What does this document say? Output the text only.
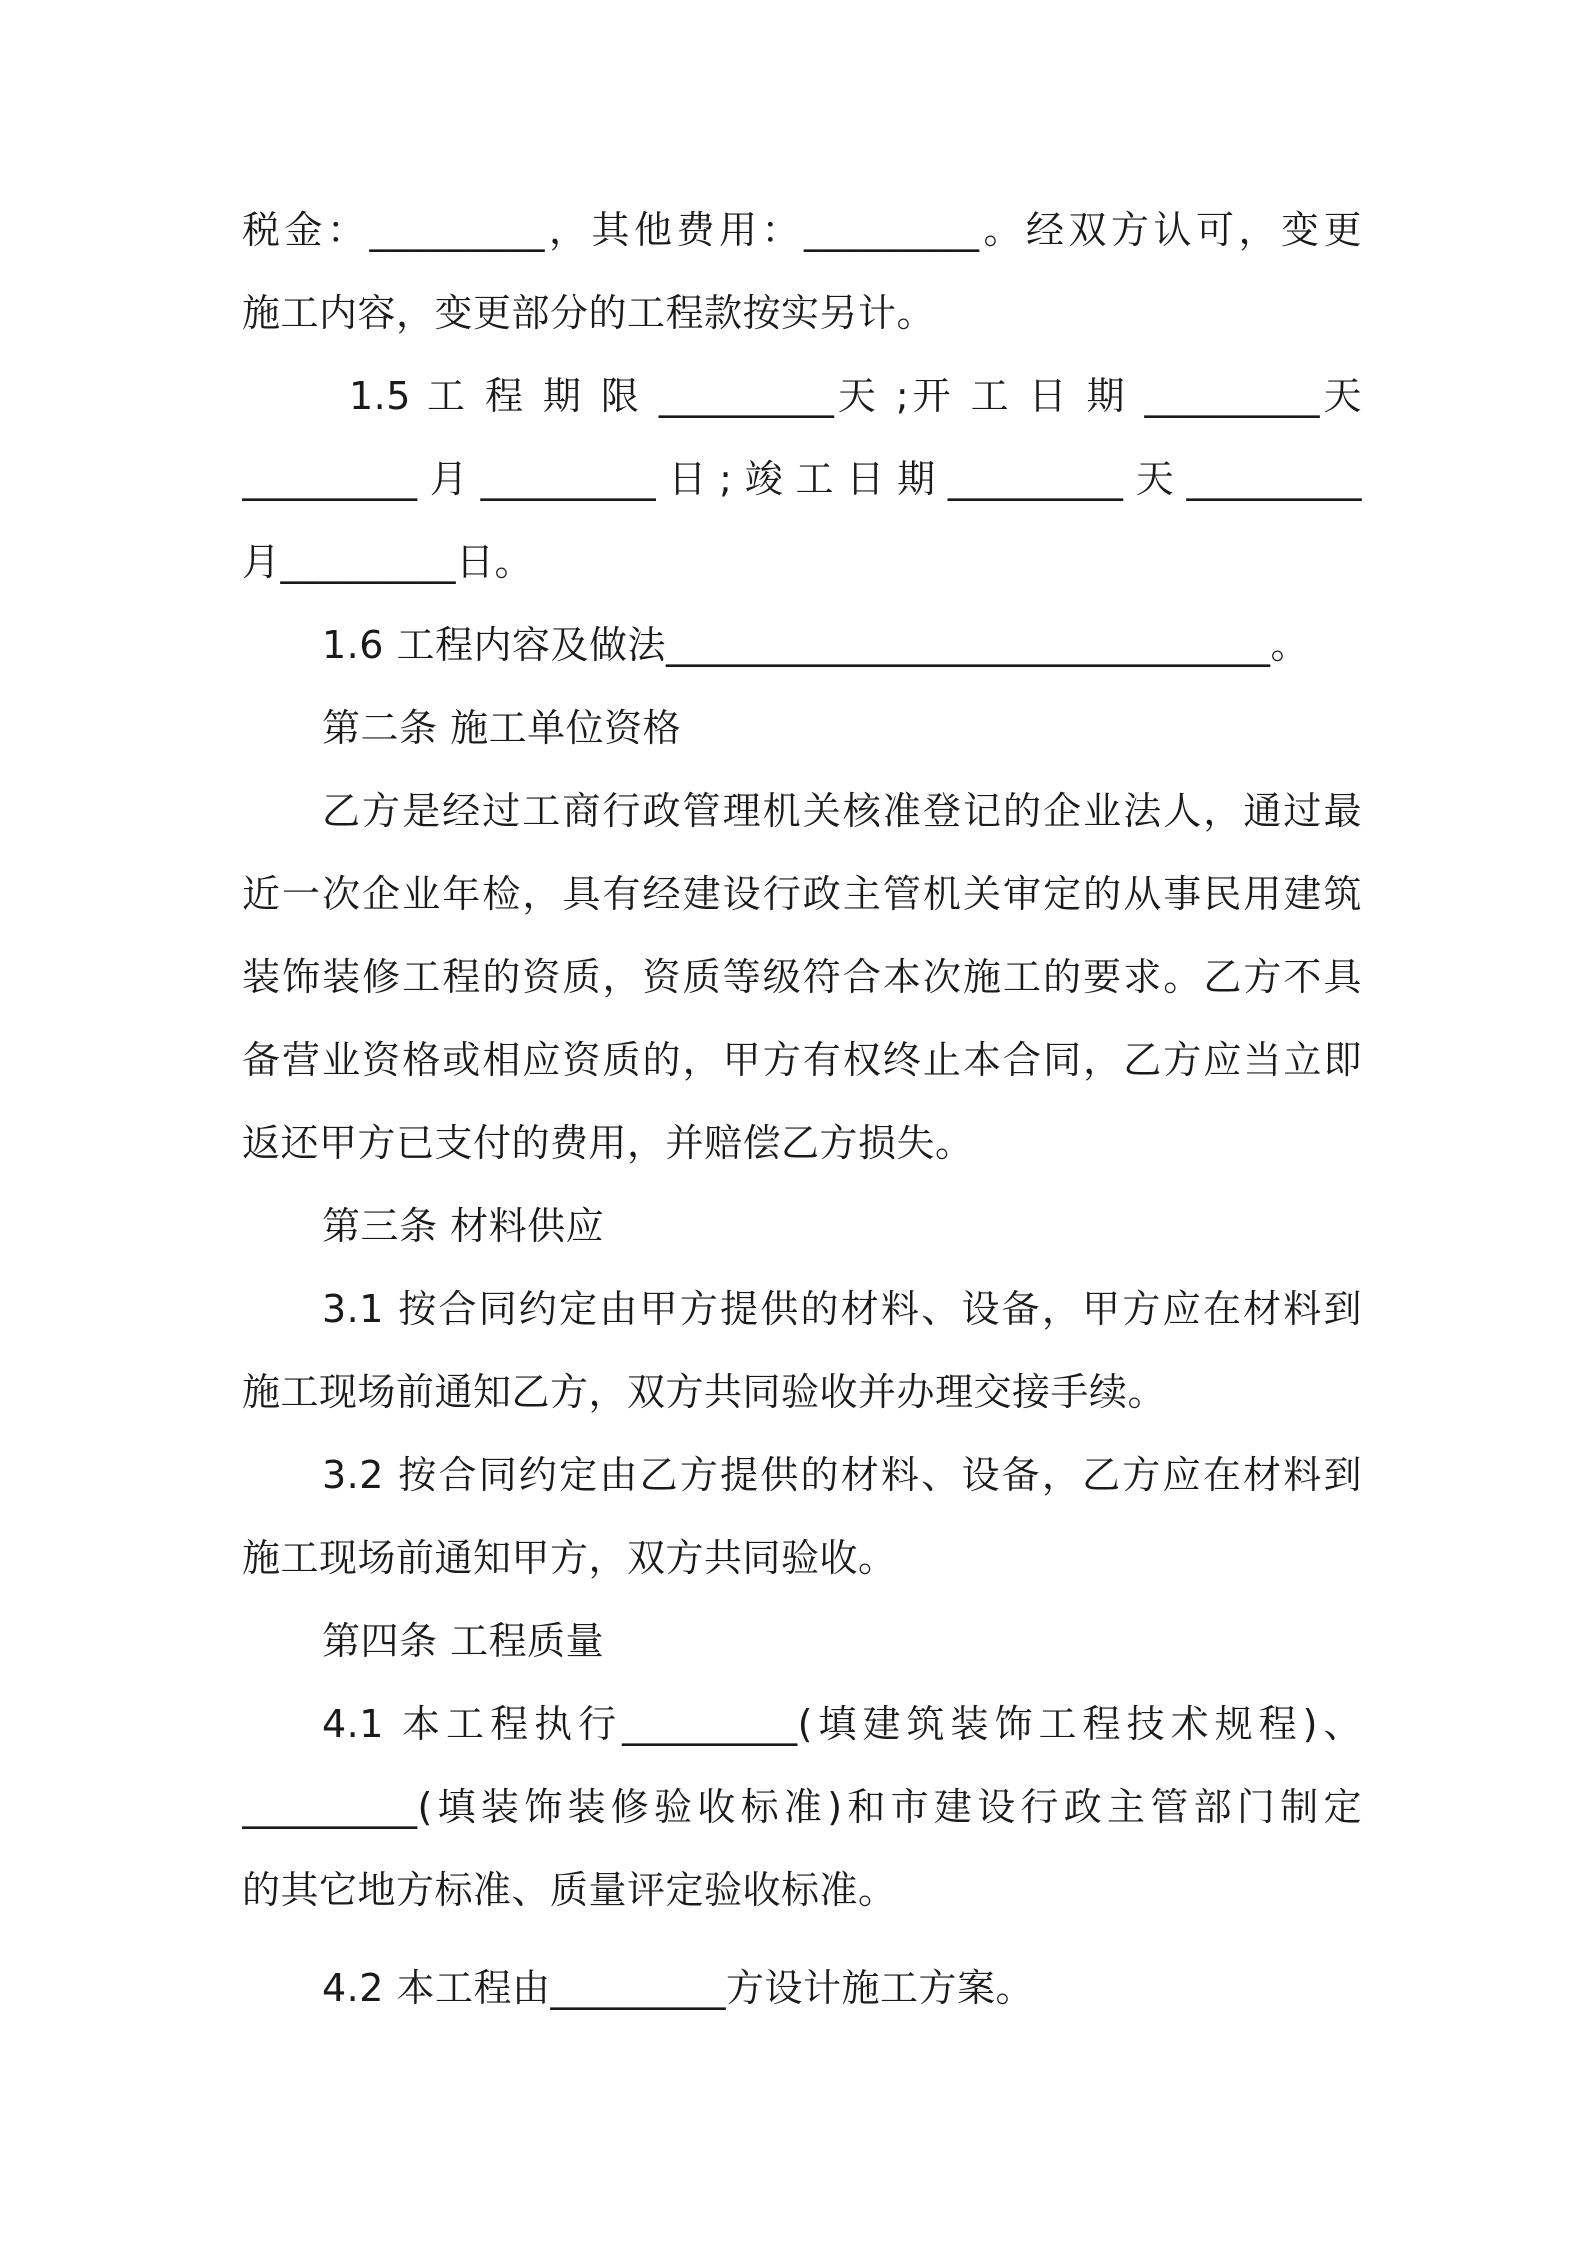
税金：_________，其他费用：_________。经双方认可，变更
施工内容，变更部分的工程款按实另计。
1.5 工 程 期 限 _________天 ;开 工 日 期 _________天
_________月_________日;竣工日期_________天_________
月_________日。
1.6 工程内容及做法_______________________________。
第二条 施工单位资格
乙方是经过工商行政管理机关核准登记的企业法人，通过最
近一次企业年检，具有经建设行政主管机关审定的从事民用建筑
装饰装修工程的资质，资质等级符合本次施工的要求。乙方不具
备营业资格或相应资质的，甲方有权终止本合同，乙方应当立即
返还甲方已支付的费用，并赔偿乙方损失。
第三条 材料供应
3.1 按合同约定由甲方提供的材料、设备，甲方应在材料到
施工现场前通知乙方，双方共同验收并办理交接手续。
3.2 按合同约定由乙方提供的材料、设备，乙方应在材料到
施工现场前通知甲方，双方共同验收。
第四条 工程质量
4.1 本工程执行_________(填建筑装饰工程技术规程)、
_________(填装饰装修验收标准)和市建设行政主管部门制定
的其它地方标准、质量评定验收标准。
4.2 本工程由_________方设计施工方案。
